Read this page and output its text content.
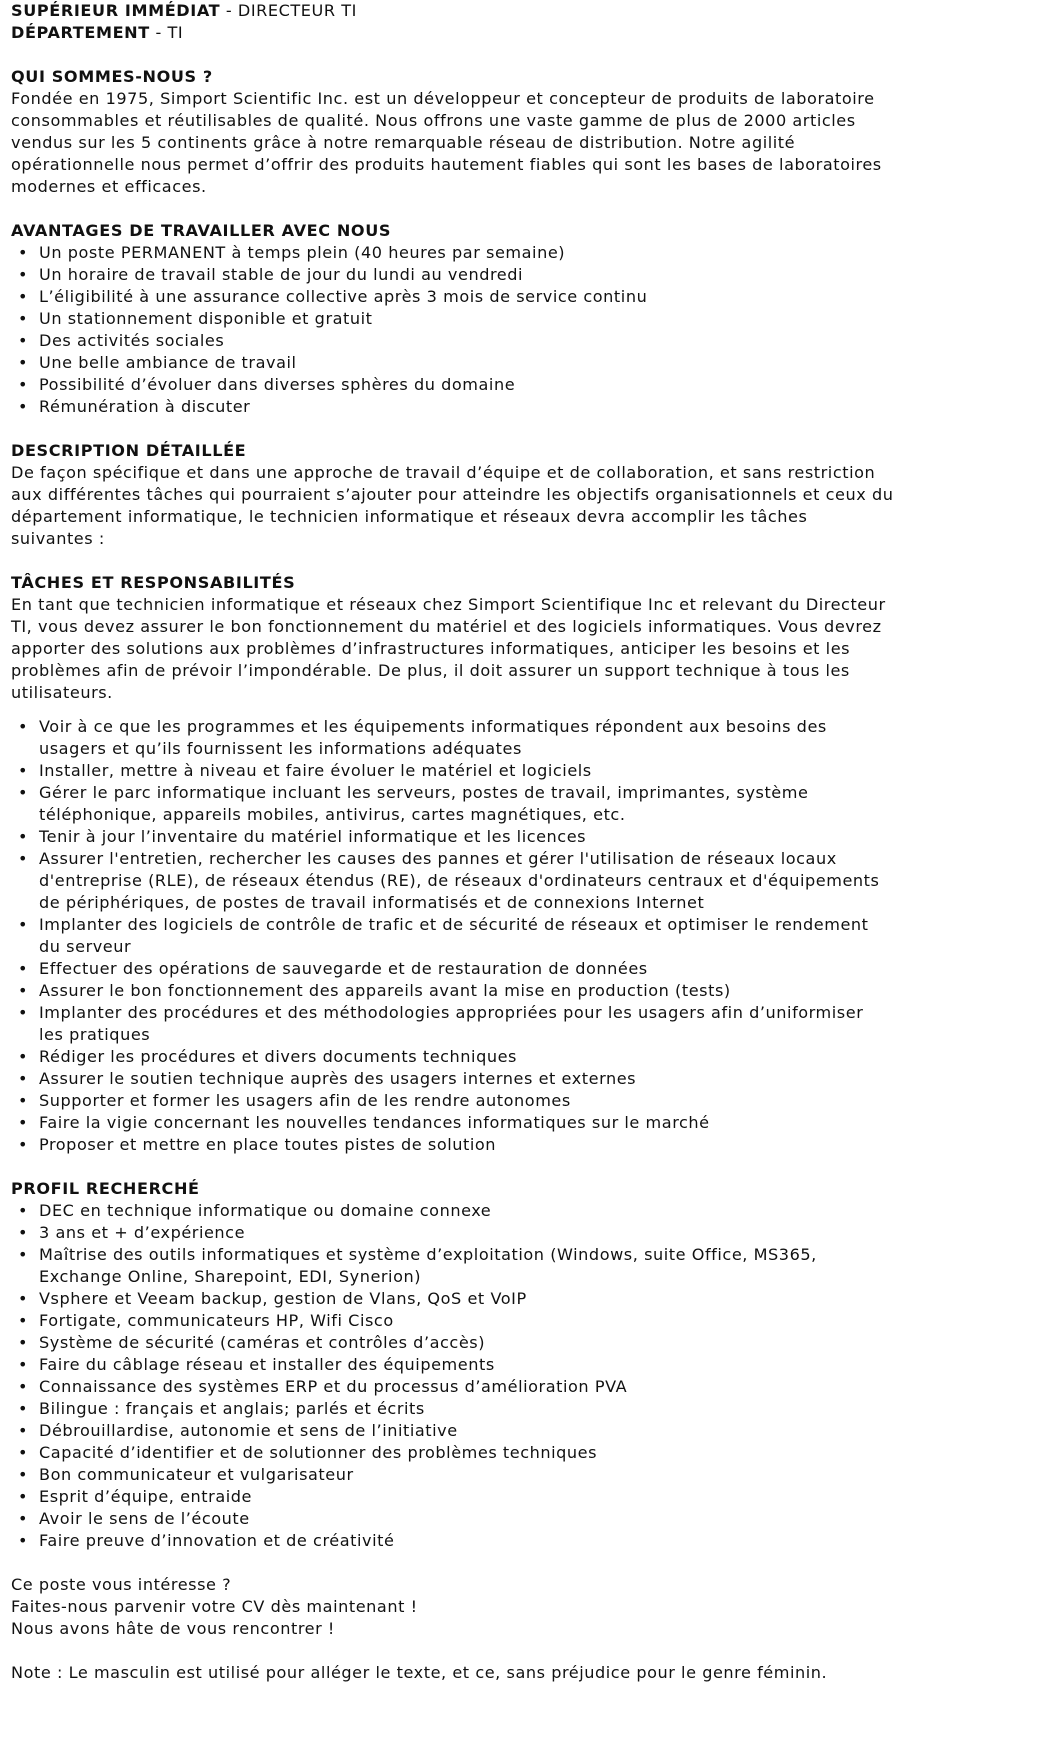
SUPÉRIEUR IMMÉDIAT - DIRECTEUR TI

DÉPARTEMENT - TI

QUI SOMMES-NOUS ?

Fondée en 1975, Simport Scientific Inc. est un développeur et concepteur de produits de laboratoire

consommables et réutilisables de qualité. Nous offrons une vaste gamme de plus de 2000 articles

vendus sur les 5 continents grâce à notre remarquable réseau de distribution. Notre agilité

opérationnelle nous permet d’offrir des produits hautement fiables qui sont les bases de laboratoires

modernes et efficaces.

AVANTAGES DE TRAVAILLER AVEC NOUS

• Un poste PERMANENT à temps plein (40 heures par semaine)
• Un horaire de travail stable de jour du lundi au vendredi
• L’éligibilité à une assurance collective après 3 mois de service continu
• Un stationnement disponible et gratuit
• Des activités sociales
• Une belle ambiance de travail
• Possibilité d’évoluer dans diverses sphères du domaine
• Rémunération à discuter

DESCRIPTION DÉTAILLÉE

De façon spécifique et dans une approche de travail d’équipe et de collaboration, et sans restriction

aux différentes tâches qui pourraient s’ajouter pour atteindre les objectifs organisationnels et ceux du

département informatique, le technicien informatique et réseaux devra accomplir les tâches

suivantes :

TÂCHES ET RESPONSABILITÉS

En tant que technicien informatique et réseaux chez Simport Scientifique Inc et relevant du Directeur

TI, vous devez assurer le bon fonctionnement du matériel et des logiciels informatiques. Vous devrez

apporter des solutions aux problèmes d’infrastructures informatiques, anticiper les besoins et les

problèmes afin de prévoir l’impondérable. De plus, il doit assurer un support technique à tous les

utilisateurs.

• Voir à ce que les programmes et les équipements informatiques répondent aux besoins des
usagers et qu’ils fournissent les informations adéquates
• Installer, mettre à niveau et faire évoluer le matériel et logiciels
• Gérer le parc informatique incluant les serveurs, postes de travail, imprimantes, système
téléphonique, appareils mobiles, antivirus, cartes magnétiques, etc.
• Tenir à jour l’inventaire du matériel informatique et les licences
• Assurer l'entretien, rechercher les causes des pannes et gérer l'utilisation de réseaux locaux
d'entreprise (RLE), de réseaux étendus (RE), de réseaux d'ordinateurs centraux et d'équipements
de périphériques, de postes de travail informatisés et de connexions Internet
• Implanter des logiciels de contrôle de trafic et de sécurité de réseaux et optimiser le rendement
du serveur
• Effectuer des opérations de sauvegarde et de restauration de données
• Assurer le bon fonctionnement des appareils avant la mise en production (tests)
• Implanter des procédures et des méthodologies appropriées pour les usagers afin d’uniformiser
les pratiques
• Rédiger les procédures et divers documents techniques
• Assurer le soutien technique auprès des usagers internes et externes
• Supporter et former les usagers afin de les rendre autonomes
• Faire la vigie concernant les nouvelles tendances informatiques sur le marché
• Proposer et mettre en place toutes pistes de solution

PROFIL RECHERCHÉ

• DEC en technique informatique ou domaine connexe
• 3 ans et + d’expérience
• Maîtrise des outils informatiques et système d’exploitation (Windows, suite Office, MS365,
Exchange Online, Sharepoint, EDI, Synerion)
• Vsphere et Veeam backup, gestion de Vlans, QoS et VoIP
• Fortigate, communicateurs HP, Wifi Cisco
• Système de sécurité (caméras et contrôles d’accès)
• Faire du câblage réseau et installer des équipements
• Connaissance des systèmes ERP et du processus d’amélioration PVA
• Bilingue : français et anglais; parlés et écrits
• Débrouillardise, autonomie et sens de l’initiative
• Capacité d’identifier et de solutionner des problèmes techniques
• Bon communicateur et vulgarisateur
• Esprit d’équipe, entraide
• Avoir le sens de l’écoute
• Faire preuve d’innovation et de créativité

Ce poste vous intéresse ?

Faites-nous parvenir votre CV dès maintenant !

Nous avons hâte de vous rencontrer !

Note : Le masculin est utilisé pour alléger le texte, et ce, sans préjudice pour le genre féminin.
